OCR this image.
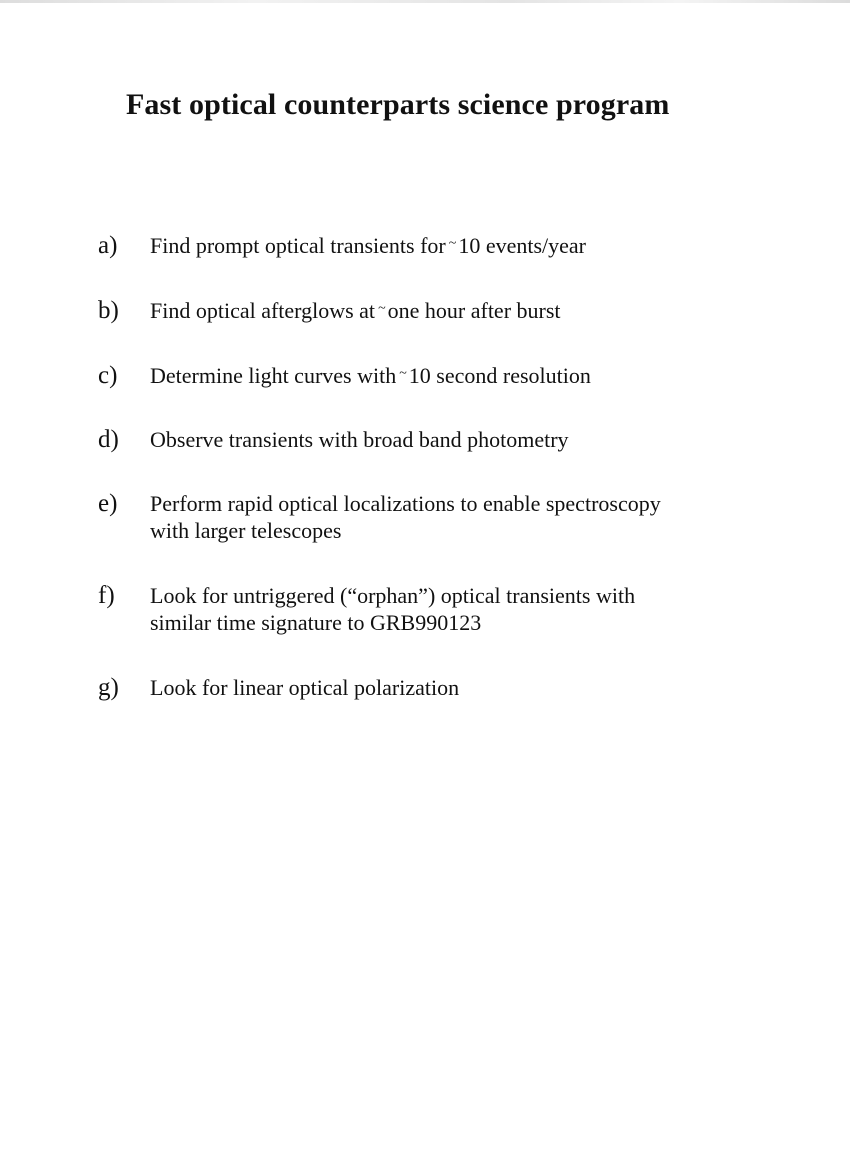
Fast optical counterparts science program
a)	Find prompt optical transients for ~10 events/year
b)	Find optical afterglows at ~one hour after burst
c)	Determine light curves with ~10 second resolution
d)	Observe transients with broad band photometry
e)	Perform rapid optical localizations to enable spectroscopy
with larger telescopes
f)	Look for untriggered (“orphan”) optical transients with
similar time signature to GRB990123
g)	Look for linear optical polarization
